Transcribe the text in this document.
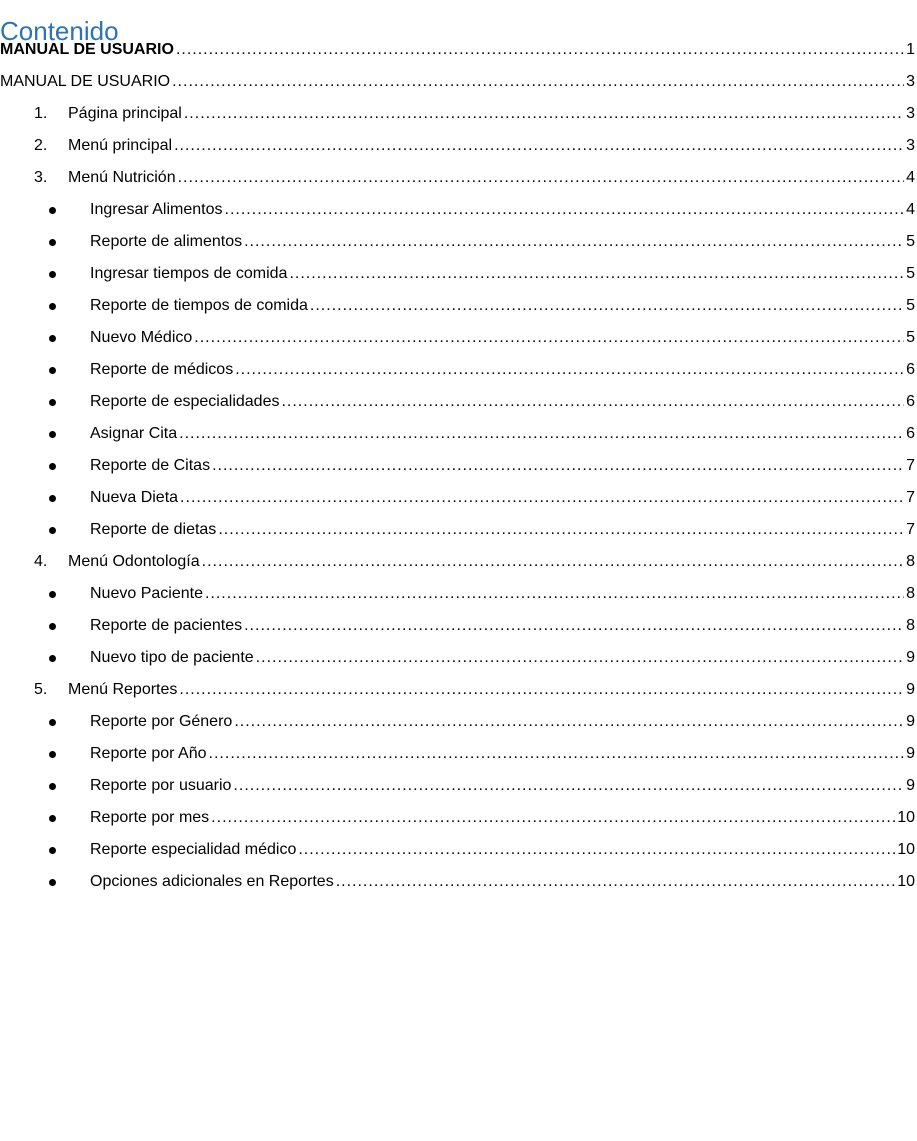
Contenido
MANUAL DE USUARIO .....	1
MANUAL DE USUARIO .....	3
1.	Página principal .....	3
2.	Menú principal .....	3
3.	Menú Nutrición .....	4
Ingresar Alimentos .....	4
Reporte de alimentos .....	5
Ingresar tiempos de comida .....	5
Reporte de tiempos de comida .....	5
Nuevo Médico .....	5
Reporte de médicos .....	6
Reporte de especialidades .....	6
Asignar Cita .....	6
Reporte de Citas .....	7
Nueva Dieta .....	7
Reporte de dietas .....	7
4.	Menú Odontología .....	8
Nuevo Paciente .....	8
Reporte de pacientes .....	8
Nuevo tipo de paciente .....	9
5.	Menú Reportes .....	9
Reporte por Género .....	9
Reporte por Año .....	9
Reporte por usuario .....	9
Reporte por mes .....	10
Reporte especialidad médico .....	10
Opciones adicionales en Reportes .....	10
